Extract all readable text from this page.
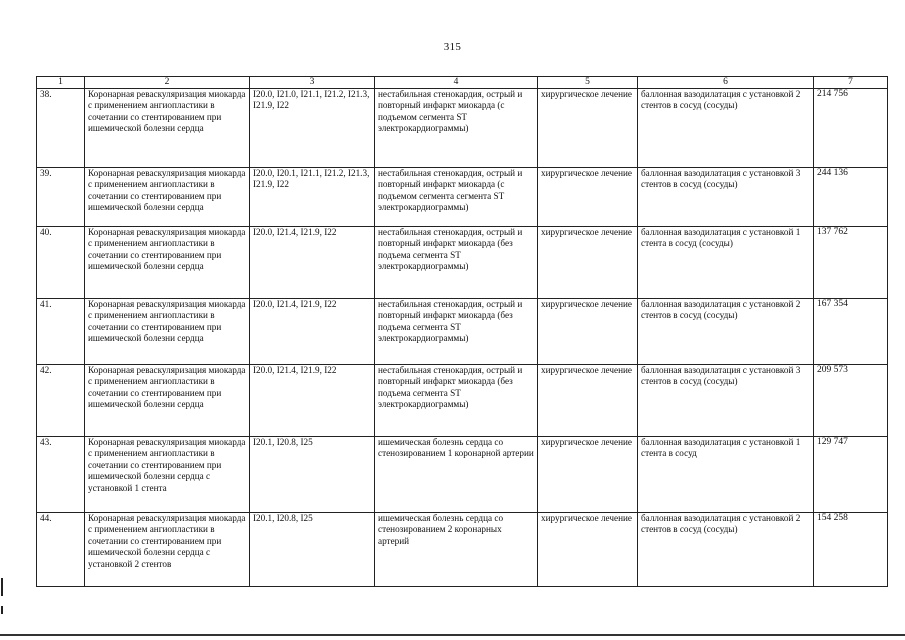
315
1	2	3	4	5	6	7
38.	Коронарная реваскуляризация миокарда с применением ангиопластики в сочетании со стентированием при ишемической болезни сердца	I20.0, I21.0, I21.1, I21.2, I21.3, I21.9, I22	нестабильная стенокардия, острый и повторный инфаркт миокарда (с подъемом сегмента ST электрокардиограммы)	хирургическое лечение	баллонная вазодилатация с установкой 2 стентов в сосуд (сосуды)	214 756
39.	Коронарная реваскуляризация миокарда с применением ангиопластики в сочетании со стентированием при ишемической болезни сердца	I20.0, I20.1, I21.1, I21.2, I21.3, I21.9, I22	нестабильная стенокардия, острый и повторный инфаркт миокарда (с подъемом сегмента сегмента ST электрокардиограммы)	хирургическое лечение	баллонная вазодилатация с установкой 3 стентов в сосуд (сосуды)	244 136
40.	Коронарная реваскуляризация миокарда с применением ангиопластики в сочетании со стентированием при ишемической болезни сердца	I20.0, I21.4, I21.9, I22	нестабильная стенокардия, острый и повторный инфаркт миокарда (без подъема сегмента ST электрокардиограммы)	хирургическое лечение	баллонная вазодилатация с установкой 1 стента в сосуд (сосуды)	137 762
41.	Коронарная реваскуляризация миокарда с применением ангиопластики в сочетании со стентированием при ишемической болезни сердца	I20.0, I21.4, I21.9, I22	нестабильная стенокардия, острый и повторный инфаркт миокарда (без подъема сегмента ST электрокардиограммы)	хирургическое лечение	баллонная вазодилатация с установкой 2 стентов в сосуд (сосуды)	167 354
42.	Коронарная реваскуляризация миокарда с применением ангиопластики в сочетании со стентированием при ишемической болезни сердца	I20.0, I21.4, I21.9, I22	нестабильная стенокардия, острый и повторный инфаркт миокарда (без подъема сегмента ST электрокардиограммы)	хирургическое лечение	баллонная вазодилатация с установкой 3 стентов в сосуд (сосуды)	209 573
43.	Коронарная реваскуляризация миокарда с применением ангиопластики в сочетании со стентированием при ишемической болезни сердца с установкой 1 стента	I20.1, I20.8, I25	ишемическая болезнь сердца со стенозированием 1 коронарной артерии	хирургическое лечение	баллонная вазодилатация с установкой 1 стента в сосуд	129 747
44.	Коронарная реваскуляризация миокарда с применением ангиопластики в сочетании со стентированием при ишемической болезни сердца с установкой 2 стентов	I20.1, I20.8, I25	ишемическая болезнь сердца со стенозированием 2 коронарных артерий	хирургическое лечение	баллонная вазодилатация с установкой 2 стентов в сосуд (сосуды)	154 258
